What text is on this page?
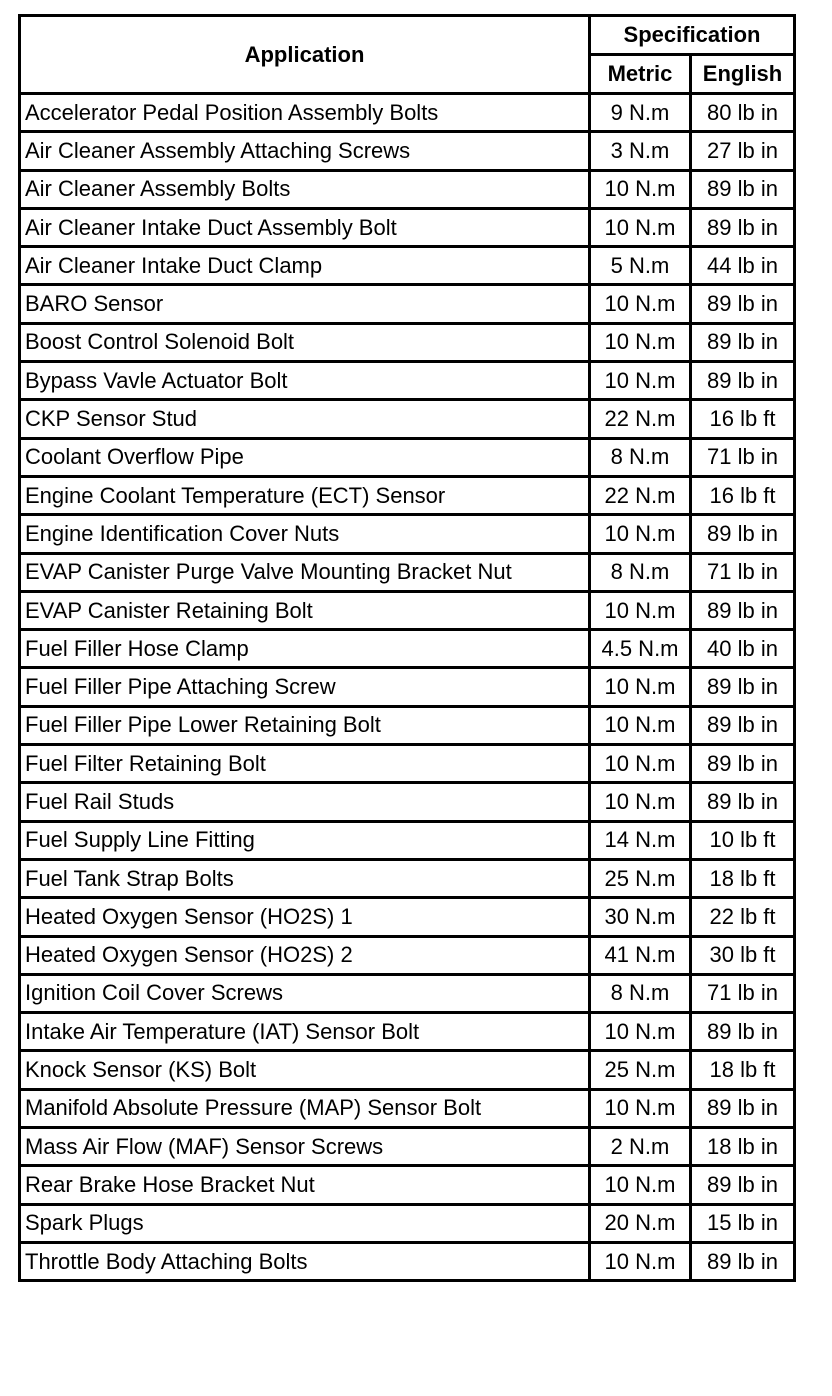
Application	Specification	
	Metric	English
Accelerator Pedal Position Assembly Bolts	9 N.m	80 lb in
Air Cleaner Assembly Attaching Screws	3 N.m	27 lb in
Air Cleaner Assembly Bolts	10 N.m	89 lb in
Air Cleaner Intake Duct Assembly Bolt	10 N.m	89 lb in
Air Cleaner Intake Duct Clamp	5 N.m	44 lb in
BARO Sensor	10 N.m	89 lb in
Boost Control Solenoid Bolt	10 N.m	89 lb in
Bypass Vavle Actuator Bolt	10 N.m	89 lb in
CKP Sensor Stud	22 N.m	16 lb ft
Coolant Overflow Pipe	8 N.m	71 lb in
Engine Coolant Temperature (ECT) Sensor	22 N.m	16 lb ft
Engine Identification Cover Nuts	10 N.m	89 lb in
EVAP Canister Purge Valve Mounting Bracket Nut	8 N.m	71 lb in
EVAP Canister Retaining Bolt	10 N.m	89 lb in
Fuel Filler Hose Clamp	4.5 N.m	40 lb in
Fuel Filler Pipe Attaching Screw	10 N.m	89 lb in
Fuel Filler Pipe Lower Retaining Bolt	10 N.m	89 lb in
Fuel Filter Retaining Bolt	10 N.m	89 lb in
Fuel Rail Studs	10 N.m	89 lb in
Fuel Supply Line Fitting	14 N.m	10 lb ft
Fuel Tank Strap Bolts	25 N.m	18 lb ft
Heated Oxygen Sensor (HO2S) 1	30 N.m	22 lb ft
Heated Oxygen Sensor (HO2S) 2	41 N.m	30 lb ft
Ignition Coil Cover Screws	8 N.m	71 lb in
Intake Air Temperature (IAT) Sensor Bolt	10 N.m	89 lb in
Knock Sensor (KS) Bolt	25 N.m	18 lb ft
Manifold Absolute Pressure (MAP) Sensor Bolt	10 N.m	89 lb in
Mass Air Flow (MAF) Sensor Screws	2 N.m	18 lb in
Rear Brake Hose Bracket Nut	10 N.m	89 lb in
Spark Plugs	20 N.m	15 lb in
Throttle Body Attaching Bolts	10 N.m	89 lb in
